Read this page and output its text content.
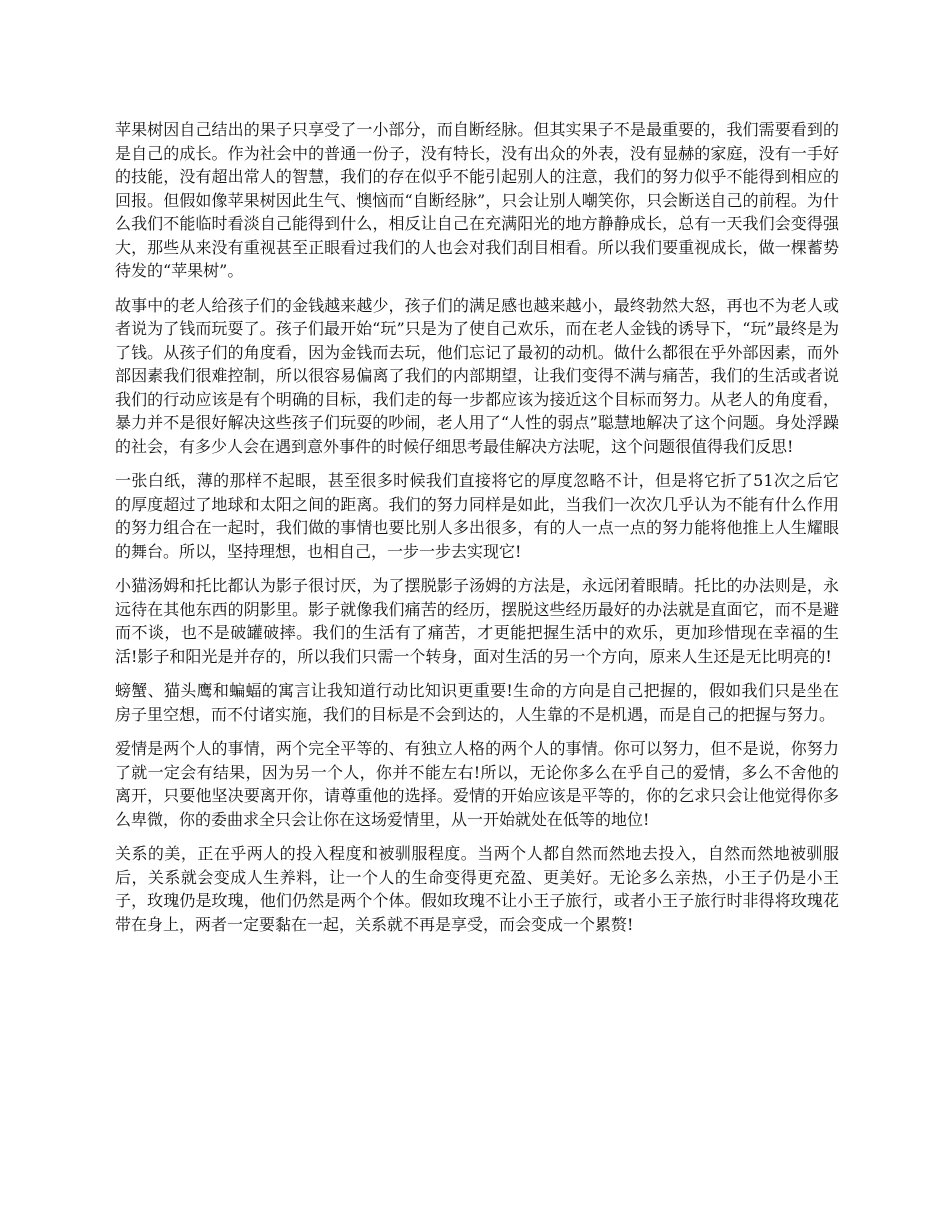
苹果树因自己结出的果子只享受了一小部分，而自断经脉。但其实果子不是最重要的，我们需要看到的是自己的成长。作为社会中的普通一份子，没有特长，没有出众的外表，没有显赫的家庭，没有一手好的技能，没有超出常人的智慧，我们的存在似乎不能引起别人的注意，我们的努力似乎不能得到相应的回报。但假如像苹果树因此生气、懊恼而“自断经脉”，只会让别人嘲笑你，只会断送自己的前程。为什么我们不能临时看淡自己能得到什么，相反让自己在充满阳光的地方静静成长，总有一天我们会变得强大，那些从来没有重视甚至正眼看过我们的人也会对我们刮目相看。所以我们要重视成长，做一棵蓄势待发的“苹果树”。

故事中的老人给孩子们的金钱越来越少，孩子们的满足感也越来越小，最终勃然大怒，再也不为老人或者说为了钱而玩耍了。孩子们最开始“玩”只是为了使自己欢乐，而在老人金钱的诱导下，“玩”最终是为了钱。从孩子们的角度看，因为金钱而去玩，他们忘记了最初的动机。做什么都很在乎外部因素，而外部因素我们很难控制，所以很容易偏离了我们的内部期望，让我们变得不满与痛苦，我们的生活或者说我们的行动应该是有个明确的目标，我们走的每一步都应该为接近这个目标而努力。从老人的角度看，暴力并不是很好解决这些孩子们玩耍的吵闹，老人用了“人性的弱点”聪慧地解决了这个问题。身处浮躁的社会，有多少人会在遇到意外事件的时候仔细思考最佳解决方法呢，这个问题很值得我们反思!

一张白纸，薄的那样不起眼，甚至很多时候我们直接将它的厚度忽略不计，但是将它折了51次之后它的厚度超过了地球和太阳之间的距离。我们的努力同样是如此，当我们一次次几乎认为不能有什么作用的努力组合在一起时，我们做的事情也要比别人多出很多，有的人一点一点的努力能将他推上人生耀眼的舞台。所以，坚持理想，也相自己，一步一步去实现它!

小猫汤姆和托比都认为影子很讨厌，为了摆脱影子汤姆的方法是，永远闭着眼睛。托比的办法则是，永远待在其他东西的阴影里。影子就像我们痛苦的经历，摆脱这些经历最好的办法就是直面它，而不是避而不谈，也不是破罐破摔。我们的生活有了痛苦，才更能把握生活中的欢乐，更加珍惜现在幸福的生活!影子和阳光是并存的，所以我们只需一个转身，面对生活的另一个方向，原来人生还是无比明亮的!

螃蟹、猫头鹰和蝙蝠的寓言让我知道行动比知识更重要!生命的方向是自己把握的，假如我们只是坐在房子里空想，而不付诸实施，我们的目标是不会到达的，人生靠的不是机遇，而是自己的把握与努力。

爱情是两个人的事情，两个完全平等的、有独立人格的两个人的事情。你可以努力，但不是说，你努力了就一定会有结果，因为另一个人，你并不能左右!所以，无论你多么在乎自己的爱情，多么不舍他的离开，只要他坚决要离开你，请尊重他的选择。爱情的开始应该是平等的，你的乞求只会让他觉得你多么卑微，你的委曲求全只会让你在这场爱情里，从一开始就处在低等的地位!

关系的美，正在乎两人的投入程度和被驯服程度。当两个人都自然而然地去投入，自然而然地被驯服后，关系就会变成人生养料，让一个人的生命变得更充盈、更美好。无论多么亲热，小王子仍是小王子，玫瑰仍是玫瑰，他们仍然是两个个体。假如玫瑰不让小王子旅行，或者小王子旅行时非得将玫瑰花带在身上，两者一定要黏在一起，关系就不再是享受，而会变成一个累赘!
